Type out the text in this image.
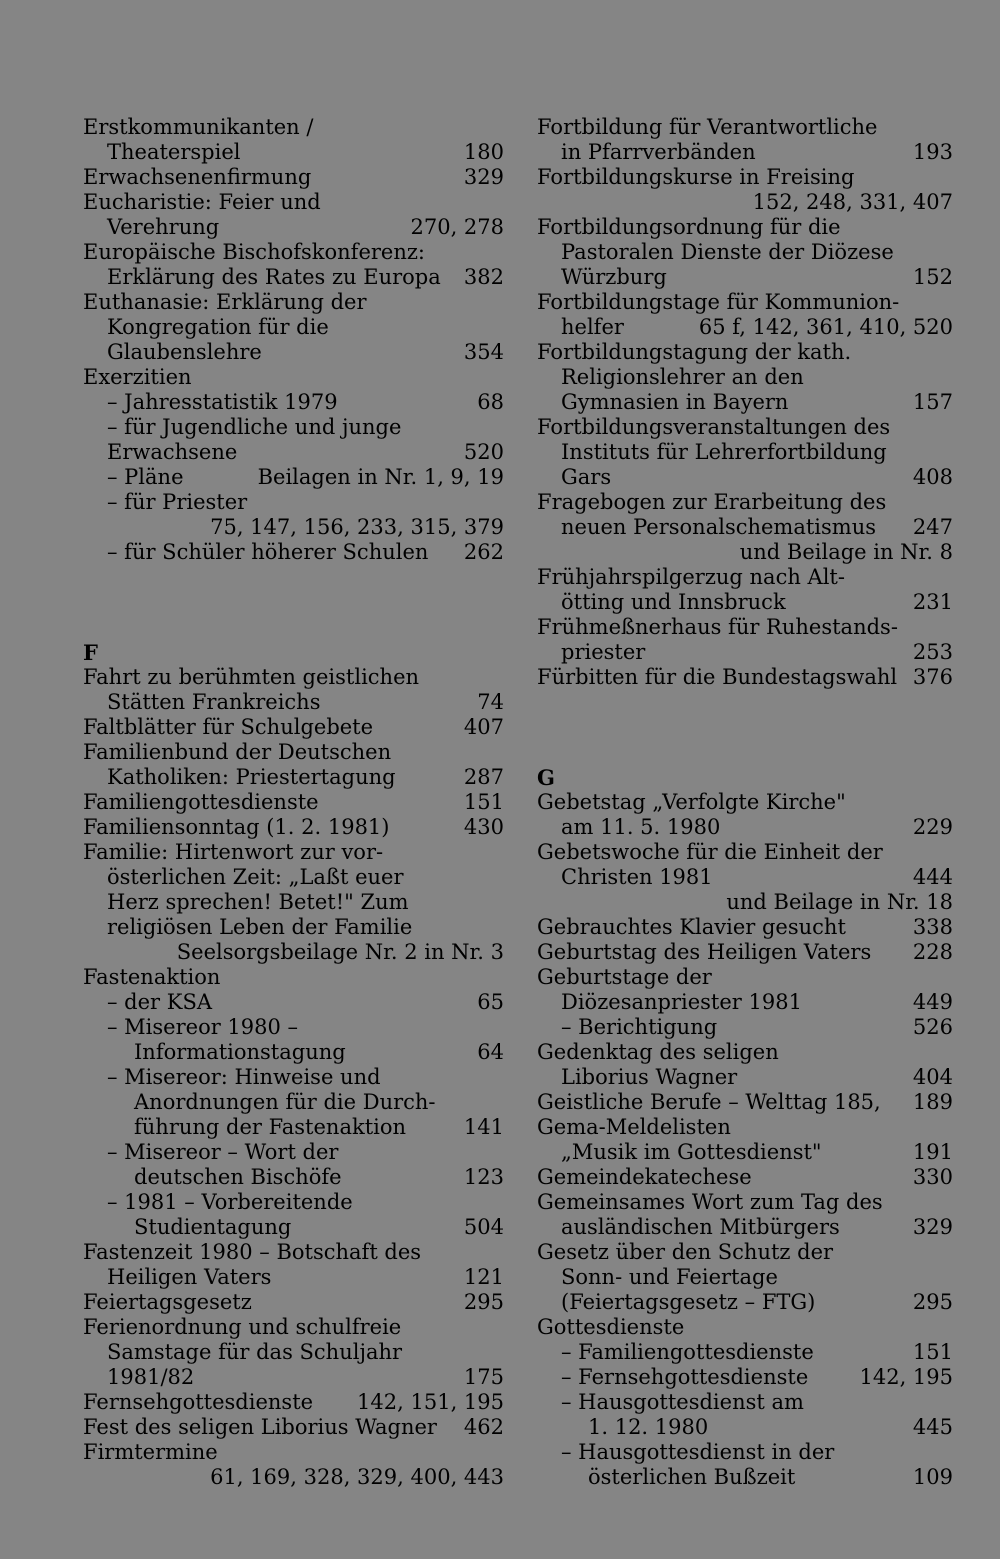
Erstkommunikanten /
Theaterspiel	180
Erwachsenenfirmung	329
Eucharistie: Feier und
Verehrung	270, 278
Europäische Bischofskonferenz:
Erklärung des Rates zu Europa 382
Euthanasie: Erklärung der
Kongregation für die
Glaubenslehre	354
Exerzitien
– Jahresstatistik 1979	68
– für Jugendliche und junge
Erwachsene	520
– Pläne	Beilagen in Nr. 1, 9, 19
– für Priester
75, 147, 156, 233, 315, 379
– für Schüler höherer Schulen 262
F
Fahrt zu berühmten geistlichen
Stätten Frankreichs	74
Faltblätter für Schulgebete	407
Familienbund der Deutschen
Katholiken: Priestertagung	287
Familiengottesdienste	151
Familiensonntag (1. 2. 1981)	430
Familie: Hirtenwort zur vor-
österlichen Zeit: „Laßt euer
Herz sprechen! Betet!" Zum
religiösen Leben der Familie
Seelsorgsbeilage Nr. 2 in Nr. 3
Fastenaktion
– der KSA	65
– Misereor 1980 –
Informationstagung	64
– Misereor: Hinweise und
Anordnungen für die Durch-
führung der Fastenaktion	141
– Misereor – Wort der
deutschen Bischöfe	123
– 1981 – Vorbereitende
Studientagung	504
Fastenzeit 1980 – Botschaft des
Heiligen Vaters	121
Feiertagsgesetz	295
Ferienordnung und schulfreie
Samstage für das Schuljahr
1981/82	175
Fernsehgottesdienste 142, 151, 195
Fest des seligen Liborius Wagner 462
Firmtermine
61, 169, 328, 329, 400, 443
Fortbildung für Verantwortliche
in Pfarrverbänden	193
Fortbildungskurse in Freising
152, 248, 331, 407
Fortbildungsordnung für die
Pastoralen Dienste der Diözese
Würzburg	152
Fortbildungstage für Kommunion-
helfer	65 f, 142, 361, 410, 520
Fortbildungstagung der kath.
Religionslehrer an den
Gymnasien in Bayern	157
Fortbildungsveranstaltungen des
Instituts für Lehrerfortbildung
Gars	408
Fragebogen zur Erarbeitung des
neuen Personalschematismus 247
und Beilage in Nr. 8
Frühjahrspilgerzug nach Alt-
ötting und Innsbruck	231
Frühmeßnerhaus für Ruhestands-
priester	253
Fürbitten für die Bundestagswahl 376
G
Gebetstag „Verfolgte Kirche"
am 11. 5. 1980	229
Gebetswoche für die Einheit der
Christen 1981	444
und Beilage in Nr. 18
Gebrauchtes Klavier gesucht	338
Geburtstag des Heiligen Vaters 228
Geburtstage der
Diözesanpriester 1981	449
– Berichtigung	526
Gedenktag des seligen
Liborius Wagner	404
Geistliche Berufe – Welttag 185, 189
Gema-Meldelisten
„Musik im Gottesdienst"	191
Gemeindekatechese	330
Gemeinsames Wort zum Tag des
ausländischen Mitbürgers	329
Gesetz über den Schutz der
Sonn- und Feiertage
(Feiertagsgesetz – FTG)	295
Gottesdienste
– Familiengottesdienste	151
– Fernsehgottesdienste 142, 195
– Hausgottesdienst am
1. 12. 1980	445
– Hausgottesdienst in der
österlichen Bußzeit	109
